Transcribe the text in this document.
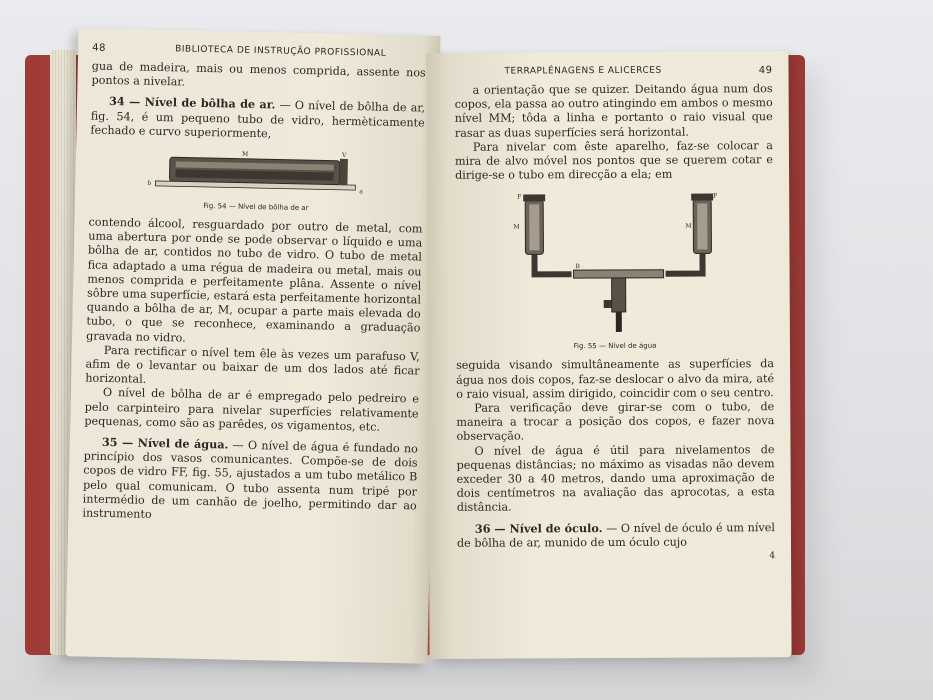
48	BIBLIOTECA DE INSTRUÇÃO PROFISSIONAL

gua de madeira, mais ou menos comprida, assente nos pontos a nivelar.

34 — Nível de bôlha de ar. — O nível de bôlha de ar, fig. 54, é um pequeno tubo de vidro, hermèticamente fechado e curvo superiormente,

M	V
a
b
Fig. 54 — Nível de bôlha de ar

contendo álcool, resguardado por outro de metal, com uma abertura por onde se pode observar o líquido e uma bôlha de ar, contidos no tubo de vidro. O tubo de metal fica adaptado a uma régua de madeira ou metal, mais ou menos comprida e perfeitamente plâna. Assente o nível sôbre uma superfície, estará esta perfeitamente horizontal quando a bôlha de ar, M, ocupar a parte mais elevada do tubo, o que se reconhece, examinando a graduação gravada no vidro.

Para rectificar o nível tem êle às vezes um parafuso V, afim de o levantar ou baixar de um dos lados até ficar horizontal.

O nível de bôlha de ar é empregado pelo pedreiro e pelo carpinteiro para nivelar superfícies relativamente pequenas, como são as parêdes, os vigamentos, etc.

35 — Nível de água. — O nível de água é fundado no princípio dos vasos comunicantes. Compõe-se de dois copos de vidro FF, fig. 55, ajustados a um tubo metálico B pelo qual comunicam. O tubo assenta num tripé por intermédio de um canhão de joelho, permitindo dar ao instrumento

TERRAPLÉNAGENS E ALICERCES	49

a orientação que se quizer. Deitando água num dos copos, ela passa ao outro atingindo em ambos o mesmo nível MM; tôda a linha e portanto o raio visual que rasar as duas superfícies será horizontal.

Para nivelar com êste aparelho, faz-se colocar a mira de alvo móvel nos pontos que se querem cotar e dirige-se o tubo em direcção a ela; em

F	F
M	M
B
Fig. 55 — Nível de água

seguida visando simultâneamente as superfícies da água nos dois copos, faz-se deslocar o alvo da mira, até o raio visual, assim dirigido, coincidir com o seu centro.

Para verificação deve girar-se com o tubo, de maneira a trocar a posição dos copos, e fazer nova observação.

O nível de água é útil para nivelamentos de pequenas distâncias; no máximo as visadas não devem exceder 30 a 40 metros, dando uma aproximação de dois centímetros na avaliação das aprocotas, a esta distância.

36 — Nível de óculo. — O nível de óculo é um nível de bôlha de ar, munido de um óculo cujo

4
